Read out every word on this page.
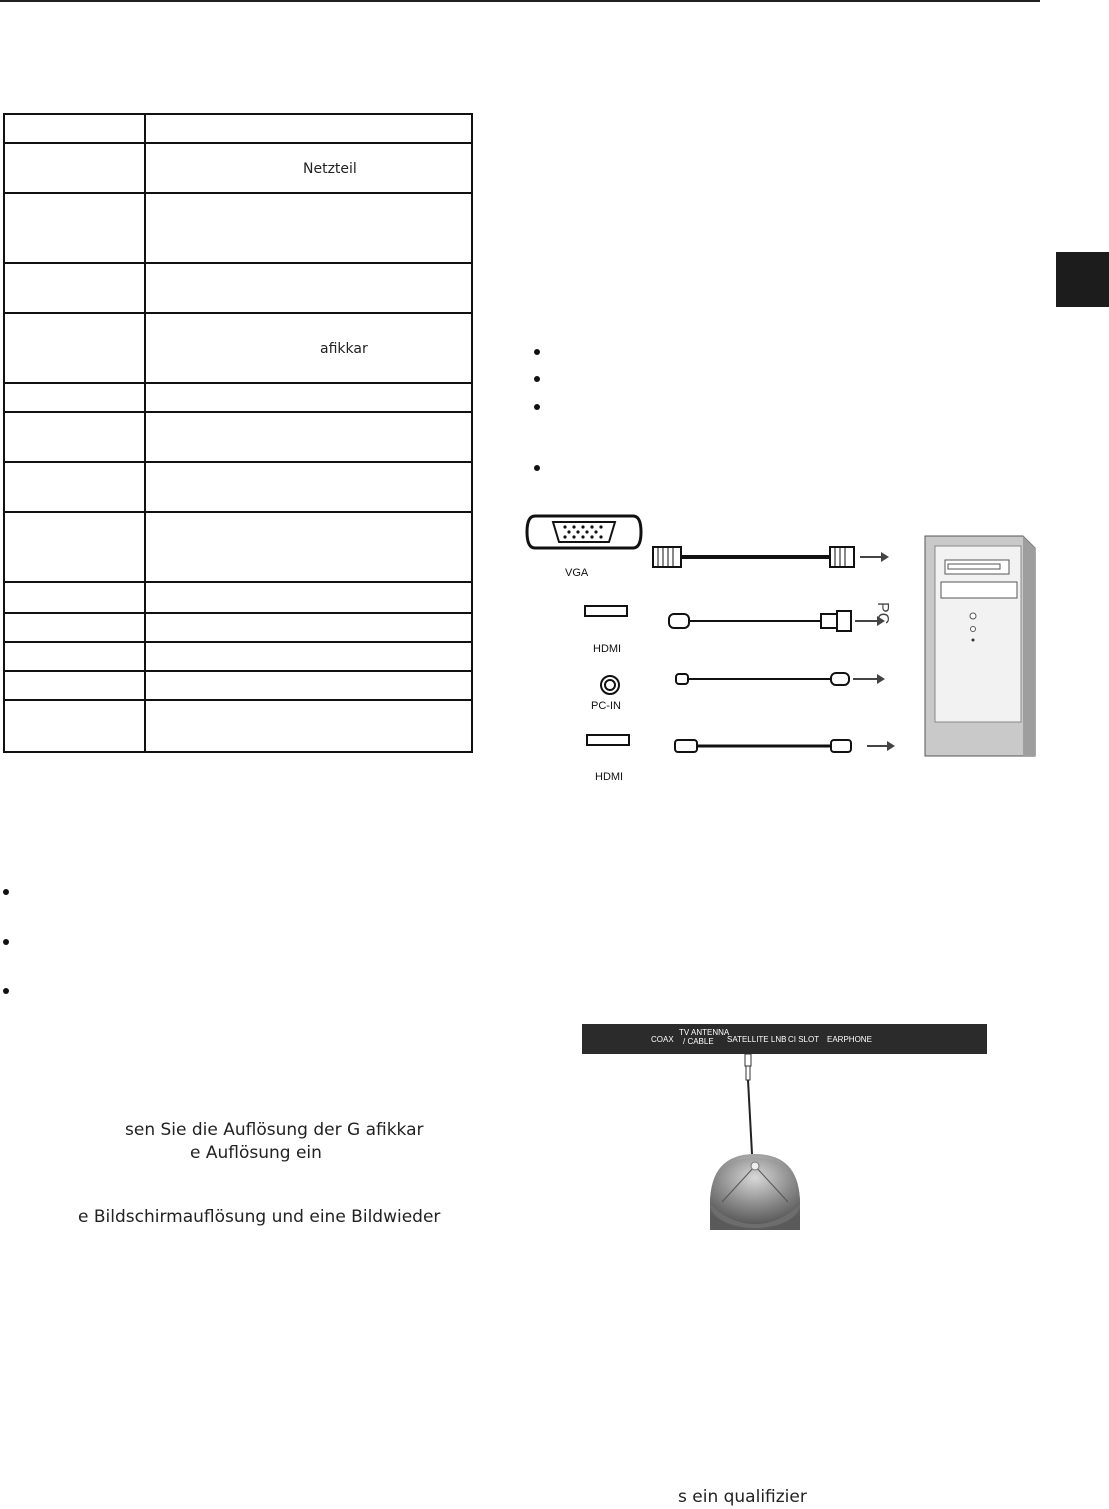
Netzteil
afikkar
sen Sie die Auflösung der G afikkar
e Auflösung ein
e Bildschirmauflösung und eine Bildwieder
s ein qualifizier
VGA
HDMI
PC-IN
HDMI
PC
COAX
TV ANTENNA
/ CABLE SATELLITE LNB CI SLOT EARPHONE
